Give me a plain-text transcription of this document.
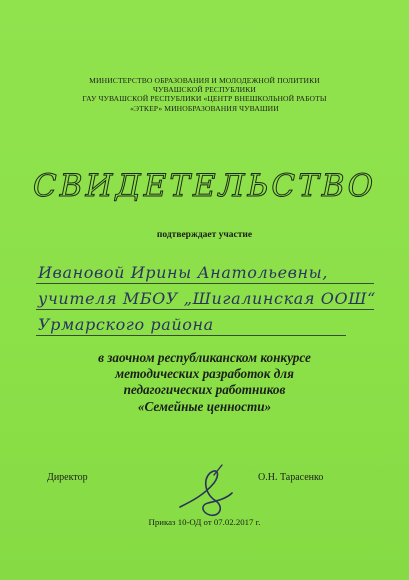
МИНИСТЕРСТВО ОБРАЗОВАНИЯ И МОЛОДЕЖНОЙ ПОЛИТИКИ
ЧУВАШСКОЙ РЕСПУБЛИКИ
ГАУ ЧУВАШСКОЙ РЕСПУБЛИКИ «ЦЕНТР ВНЕШКОЛЬНОЙ РАБОТЫ
«ЭТКЕР» МИНОБРАЗОВАНИЯ ЧУВАШИИ
СВИДЕТЕЛЬСТВО
подтверждает участие
Ивановой Ирины Анатольевны,
учителя МБОУ „Шигалинская ООШ“
Урмарского района
в заочном республиканском конкурсе
методических разработок для
педагогических работников
«Семейные ценности»
Директор	О.Н. Тарасенко
Приказ 10-ОД от 07.02.2017 г.
